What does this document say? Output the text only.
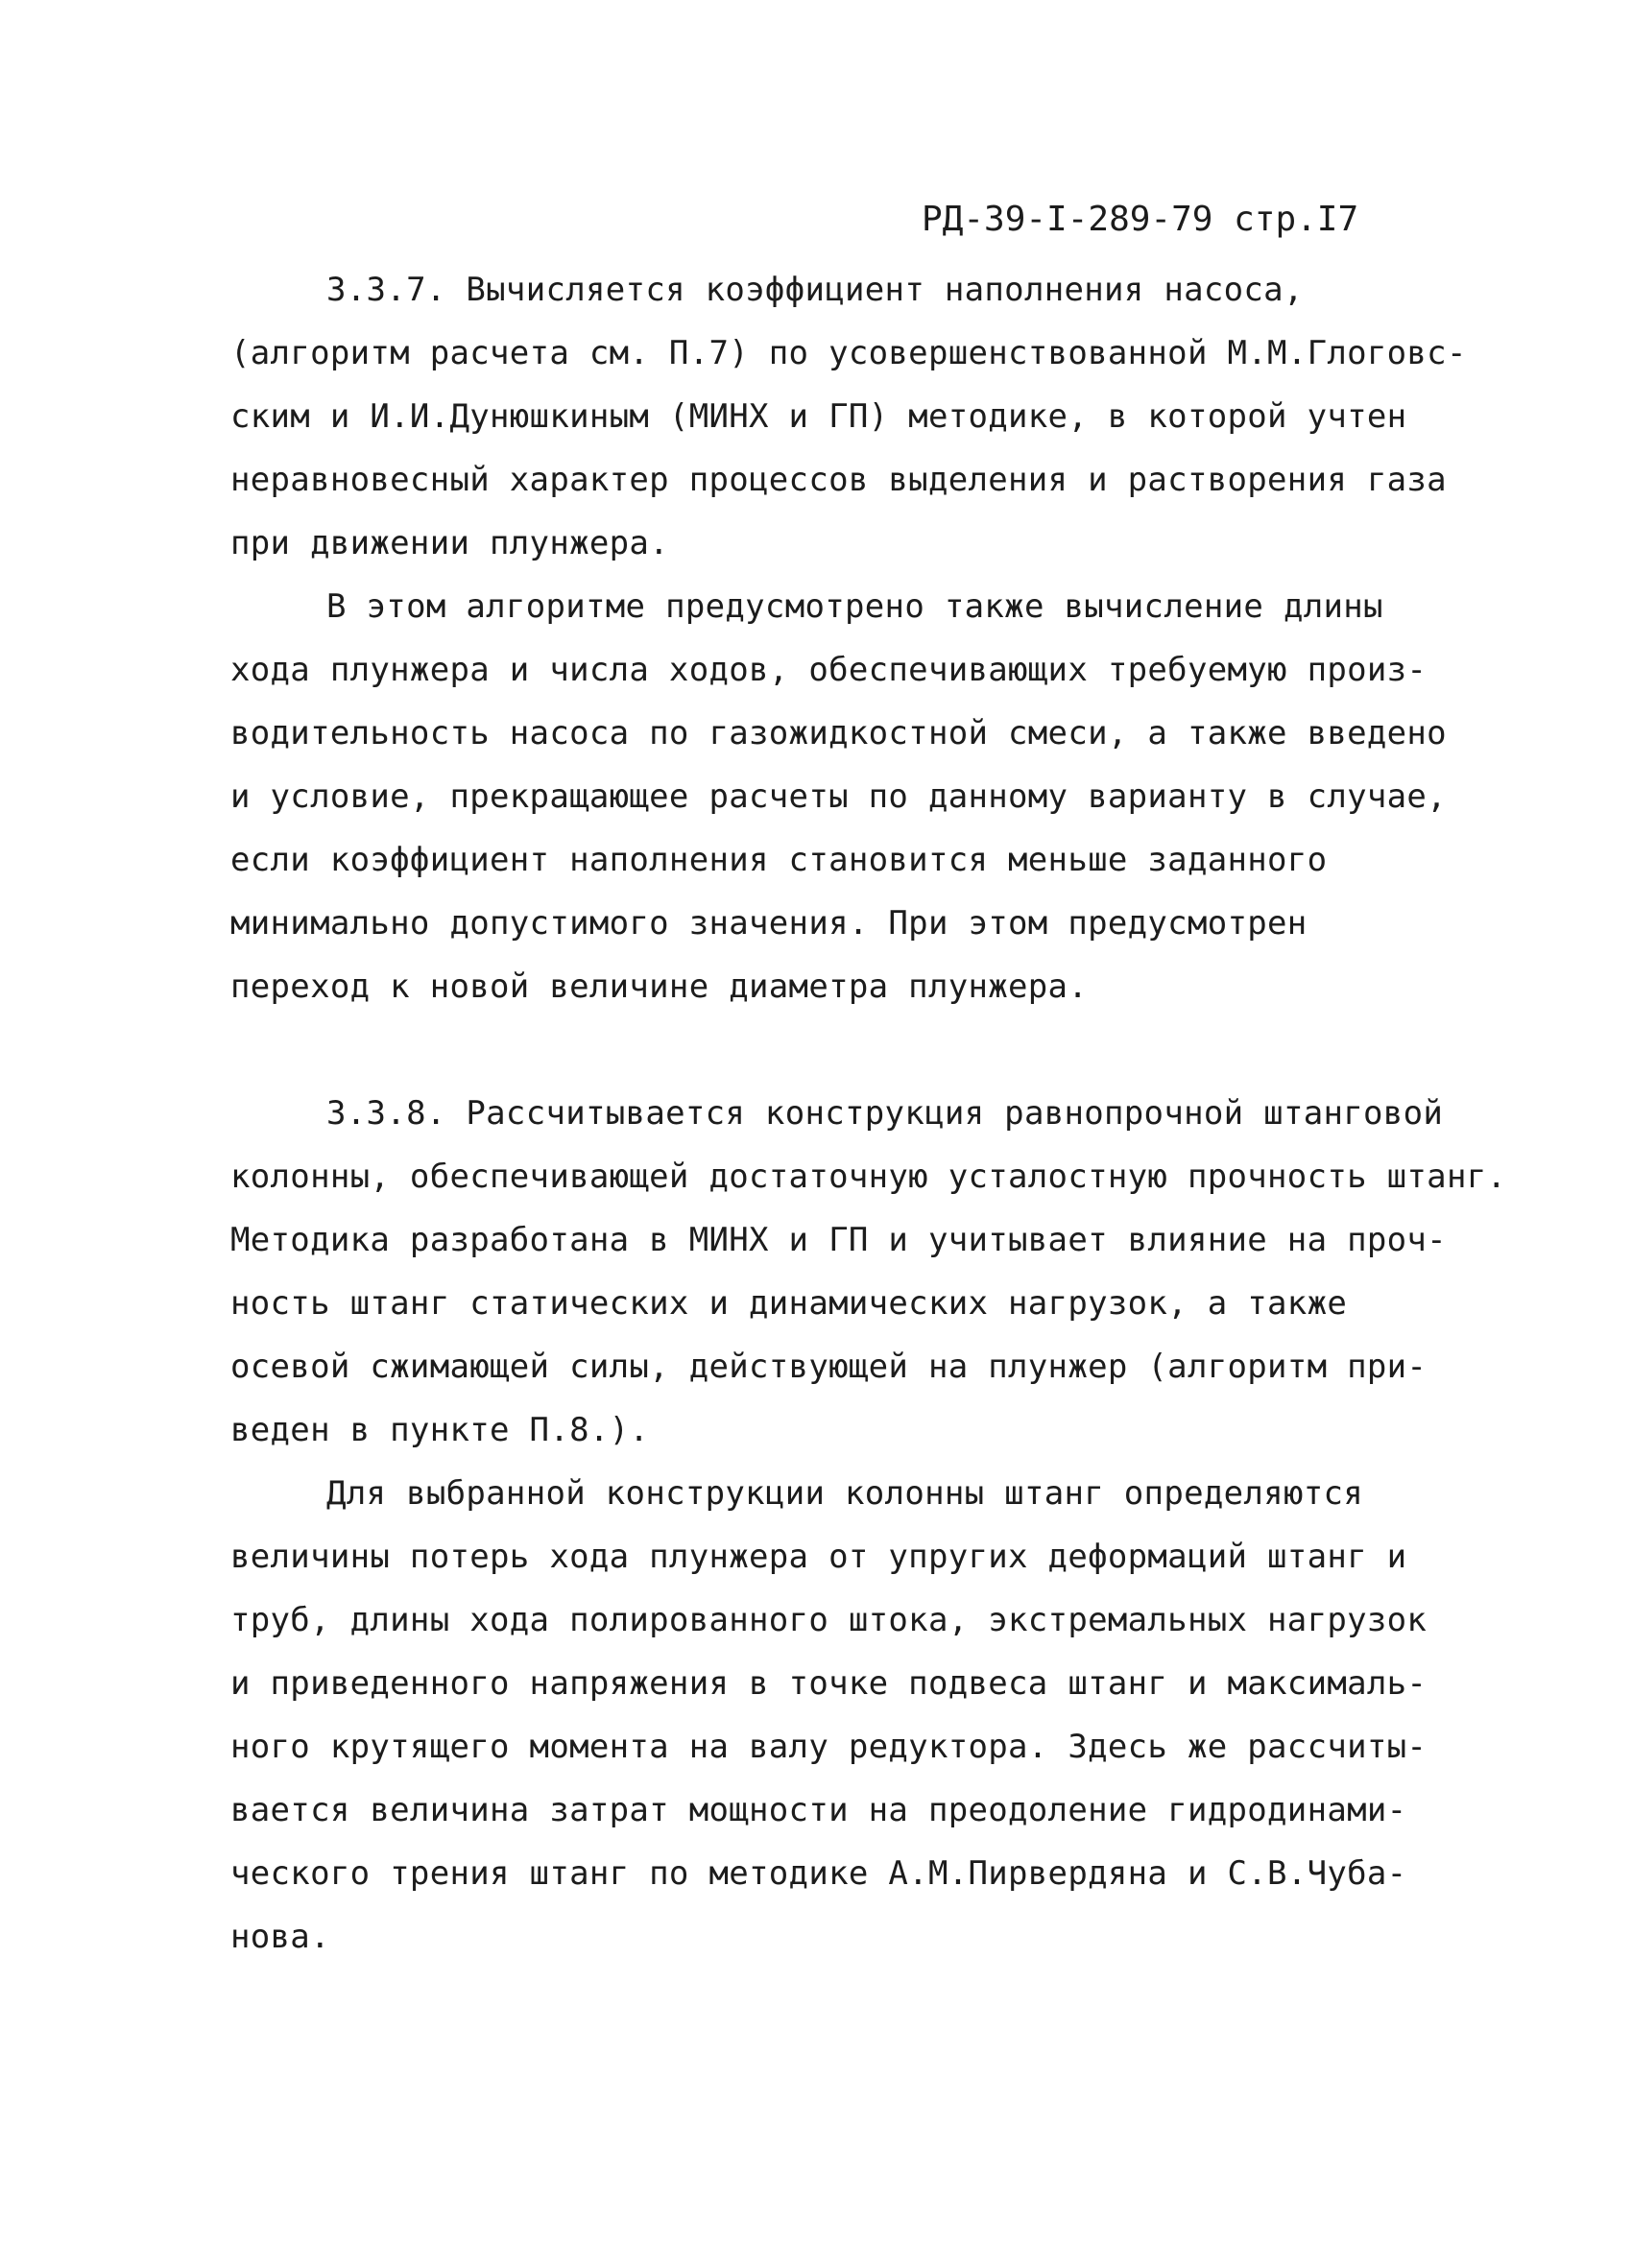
РД-39-I-289-79 стр.I7
3.3.7. Вычисляется коэффициент наполнения насоса,
(алгоритм расчета см. П.7) по усовершенствованной М.М.Глоговс-
ским и И.И.Дунюшкиным (МИНХ и ГП) методике, в которой учтен
неравновесный характер процессов выделения и растворения газа
при движении плунжера.
В этом алгоритме предусмотрено также вычисление длины
хода плунжера и числа ходов, обеспечивающих требуемую произ-
водительность насоса по газожидкостной смеси, а также введено
и условие, прекращающее расчеты по данному варианту в случае,
если коэффициент наполнения становится меньше заданного
минимально допустимого значения. При этом предусмотрен
переход к новой величине диаметра плунжера.
3.3.8. Рассчитывается конструкция равнопрочной штанговой
колонны, обеспечивающей достаточную усталостную прочность штанг.
Методика разработана в МИНХ и ГП и учитывает влияние на проч-
ность штанг статических и динамических нагрузок, а также
осевой сжимающей силы, действующей на плунжер (алгоритм при-
веден в пункте П.8.).
Для выбранной конструкции колонны штанг определяются
величины потерь хода плунжера от упругих деформаций штанг и
труб, длины хода полированного штока, экстремальных нагрузок
и приведенного напряжения в точке подвеса штанг и максималь-
ного крутящего момента на валу редуктора. Здесь же рассчиты-
вается величина затрат мощности на преодоление гидродинами-
ческого трения штанг по методике А.М.Пирвердяна и С.В.Чуба-
нова.
